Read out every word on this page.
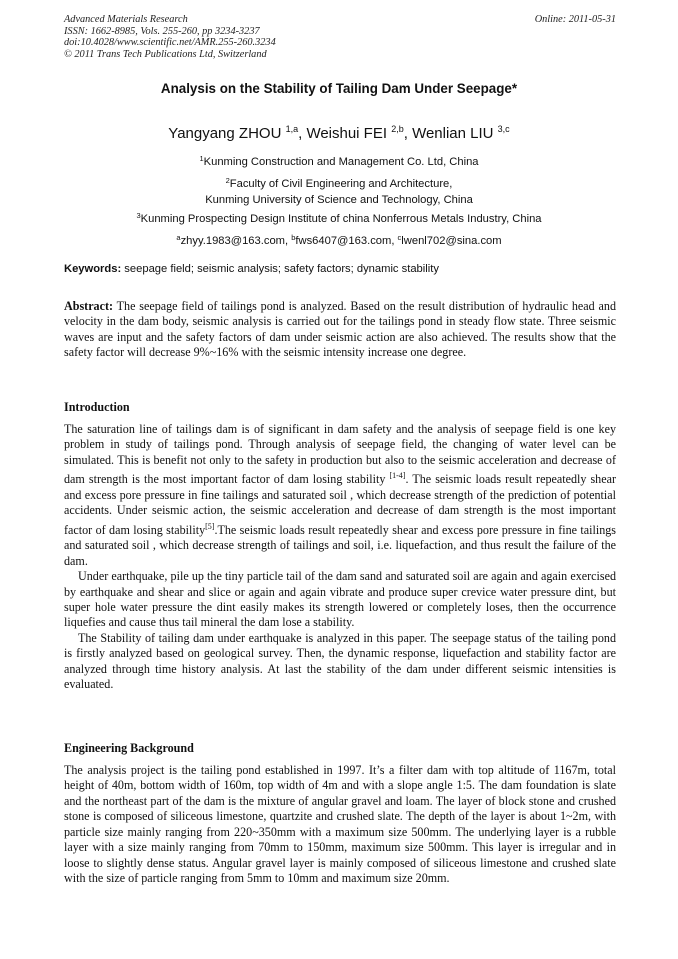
Advanced Materials Research
ISSN: 1662-8985, Vols. 255-260, pp 3234-3237
doi:10.4028/www.scientific.net/AMR.255-260.3234
© 2011 Trans Tech Publications Ltd, Switzerland
Online: 2011-05-31
Analysis on the Stability of Tailing Dam Under Seepage*
Yangyang ZHOU $^{1,a}$, Weishui FEI $^{2,b}$, Wenlian LIU $^{3,c}$
$^1$Kunming Construction and Management Co. Ltd, China
$^2$Faculty of Civil Engineering and Architecture,
Kunming University of Science and Technology, China
$^3$Kunming Prospecting Design Institute of china Nonferrous Metals Industry, China
$^a$zhyy.1983@163.com, $^b$fws6407@163.com, $^c$lwenl702@sina.com
Keywords: seepage field; seismic analysis; safety factors; dynamic stability

Abstract: The seepage field of tailings pond is analyzed. Based on the result distribution of hydraulic head and velocity in the dam body, seismic analysis is carried out for the tailings pond in steady flow state. Three seismic waves are input and the safety factors of dam under seismic action are also achieved. The results show that the safety factor will decrease 9%~16% with the seismic intensity increase one degree.

Introduction

The saturation line of tailings dam is of significant in dam safety and the analysis of seepage field is one key problem in study of tailings pond. Through analysis of seepage field, the changing of water level can be simulated. This is benefit not only to the safety in production but also to the seismic acceleration and decrease of dam strength is the most important factor of dam losing stability [1-4]. The seismic loads result repeatedly shear and excess pore pressure in fine tailings and saturated soil , which decrease strength of the prediction of potential accidents. Under seismic action, the seismic acceleration and decrease of dam strength is the most important factor of dam losing stability[5].The seismic loads result repeatedly shear and excess pore pressure in fine tailings and saturated soil , which decrease strength of tailings and soil, i.e. liquefaction, and thus result the failure of the dam.

Under earthquake, pile up the tiny particle tail of the dam sand and saturated soil are again and again exercised by earthquake and shear and slice or again and again vibrate and produce super crevice water pressure dint, but super hole water pressure the dint easily makes its strength lowered or completely loses, then the occurrence liquefies and cause thus tail mineral the dam lose a stability.

The Stability of tailing dam under earthquake is analyzed in this paper. The seepage status of the tailing pond is firstly analyzed based on geological survey. Then, the dynamic response, liquefaction and stability factor are analyzed through time history analysis. At last the stability of the dam under different seismic intensities is evaluated.

Engineering Background

The analysis project is the tailing pond established in 1997. It’s a filter dam with top altitude of 1167m, total height of 40m, bottom width of 160m, top width of 4m and with a slope angle 1:5. The dam foundation is slate and the northeast part of the dam is the mixture of angular gravel and loam. The layer of block stone and crushed stone is composed of siliceous limestone, quartzite and crushed slate. The depth of the layer is about 1~2m, with particle size mainly ranging from 220~350mm with a maximum size 500mm. The underlying layer is a rubble layer with a size mainly ranging from 70mm to 150mm, maximum size 500mm. This layer is irregular and in loose to slightly dense status. Angular gravel layer is mainly composed of siliceous limestone and crushed slate with the size of particle ranging from 5mm to 10mm and maximum size 20mm.
